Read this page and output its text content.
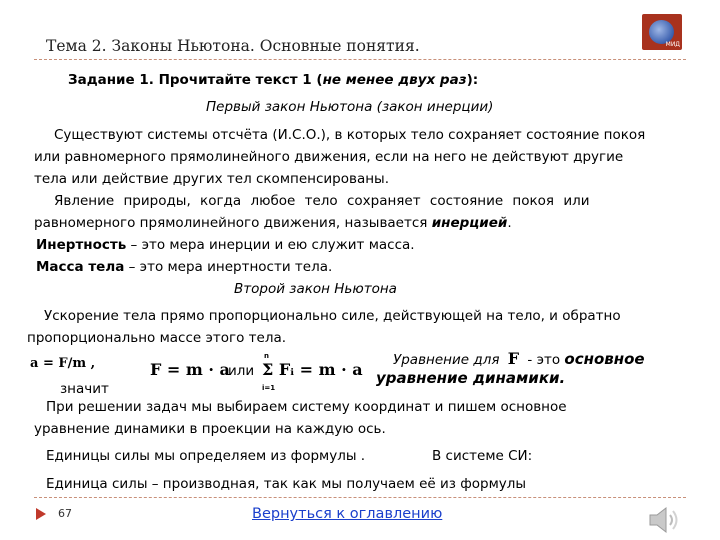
Тема 2. Законы Ньютона. Основные понятия.	МИД
Задание 1. Прочитайте текст 1 (не менее двух раз):
Первый закон Ньютона (закон инерции)
Существуют системы отсчёта (И.С.О.), в которых тело сохраняет состояние покоя
или равномерного прямолинейного движения, если на него не действуют другие
тела или действие других тел скомпенсированы.
Явление природы, когда любое тело сохраняет состояние покоя или
равномерного прямолинейного движения, называется инерцией.
Инертность – это мера инерции и ею служит масса.
Масса тела – это мера инертности тела.
Второй закон Ньютона
Ускорение тела прямо пропорционально силе, действующей на тело, и обратно
пропорционально массе этого тела.
a = F/m ,	F = m · a
или
n
i=1
Σ Fᵢ = m · a
значит
Уравнение для F - это основное
уравнение динамики.
При решении задач мы выбираем систему координат и пишем основное
уравнение динамики в проекции на каждую ось.
Единицы силы мы определяем из формулы .	В системе СИ:
Единица силы – производная, так как мы получаем её из формулы
67	Вернуться к оглавлению
